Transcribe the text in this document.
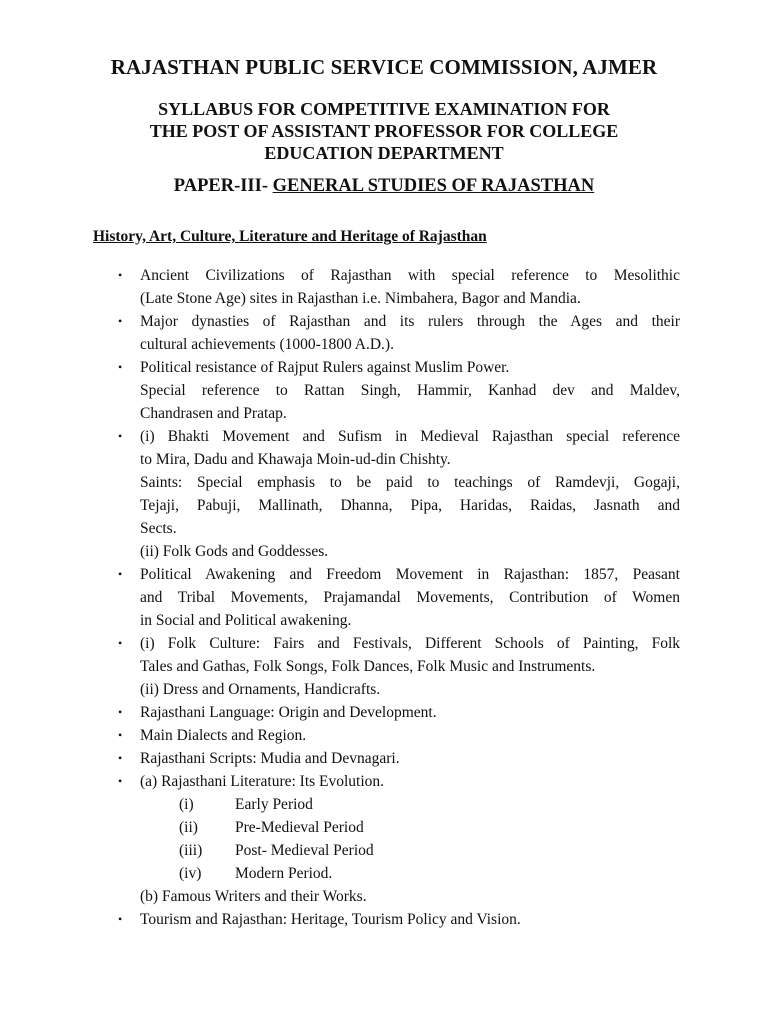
RAJASTHAN PUBLIC SERVICE COMMISSION, AJMER
SYLLABUS FOR COMPETITIVE EXAMINATION FOR
THE POST OF ASSISTANT PROFESSOR FOR COLLEGE
EDUCATION DEPARTMENT
PAPER-III- GENERAL STUDIES OF RAJASTHAN
History, Art, Culture, Literature and Heritage of Rajasthan
• Ancient Civilizations of Rajasthan with special reference to Mesolithic
(Late Stone Age) sites in Rajasthan i.e. Nimbahera, Bagor and Mandia.
• Major dynasties of Rajasthan and its rulers through the Ages and their
cultural achievements (1000-1800 A.D.).
• Political resistance of Rajput Rulers against Muslim Power.
Special reference to Rattan Singh, Hammir, Kanhad dev and Maldev,
Chandrasen and Pratap.
• (i) Bhakti Movement and Sufism in Medieval Rajasthan special reference
to Mira, Dadu and Khawaja Moin-ud-din Chishty.
Saints: Special emphasis to be paid to teachings of Ramdevji, Gogaji,
Tejaji, Pabuji, Mallinath, Dhanna, Pipa, Haridas, Raidas, Jasnath and
Sects.
(ii) Folk Gods and Goddesses.
• Political Awakening and Freedom Movement in Rajasthan: 1857, Peasant
and Tribal Movements, Prajamandal Movements, Contribution of Women
in Social and Political awakening.
• (i) Folk Culture: Fairs and Festivals, Different Schools of Painting, Folk
Tales and Gathas, Folk Songs, Folk Dances, Folk Music and Instruments.
(ii) Dress and Ornaments, Handicrafts.
• Rajasthani Language: Origin and Development.
• Main Dialects and Region.
• Rajasthani Scripts: Mudia and Devnagari.
• (a) Rajasthani Literature: Its Evolution.
(i)	Early Period
(ii)	Pre-Medieval Period
(iii)	Post- Medieval Period
(iv)	Modern Period.
(b) Famous Writers and their Works.
• Tourism and Rajasthan: Heritage, Tourism Policy and Vision.
